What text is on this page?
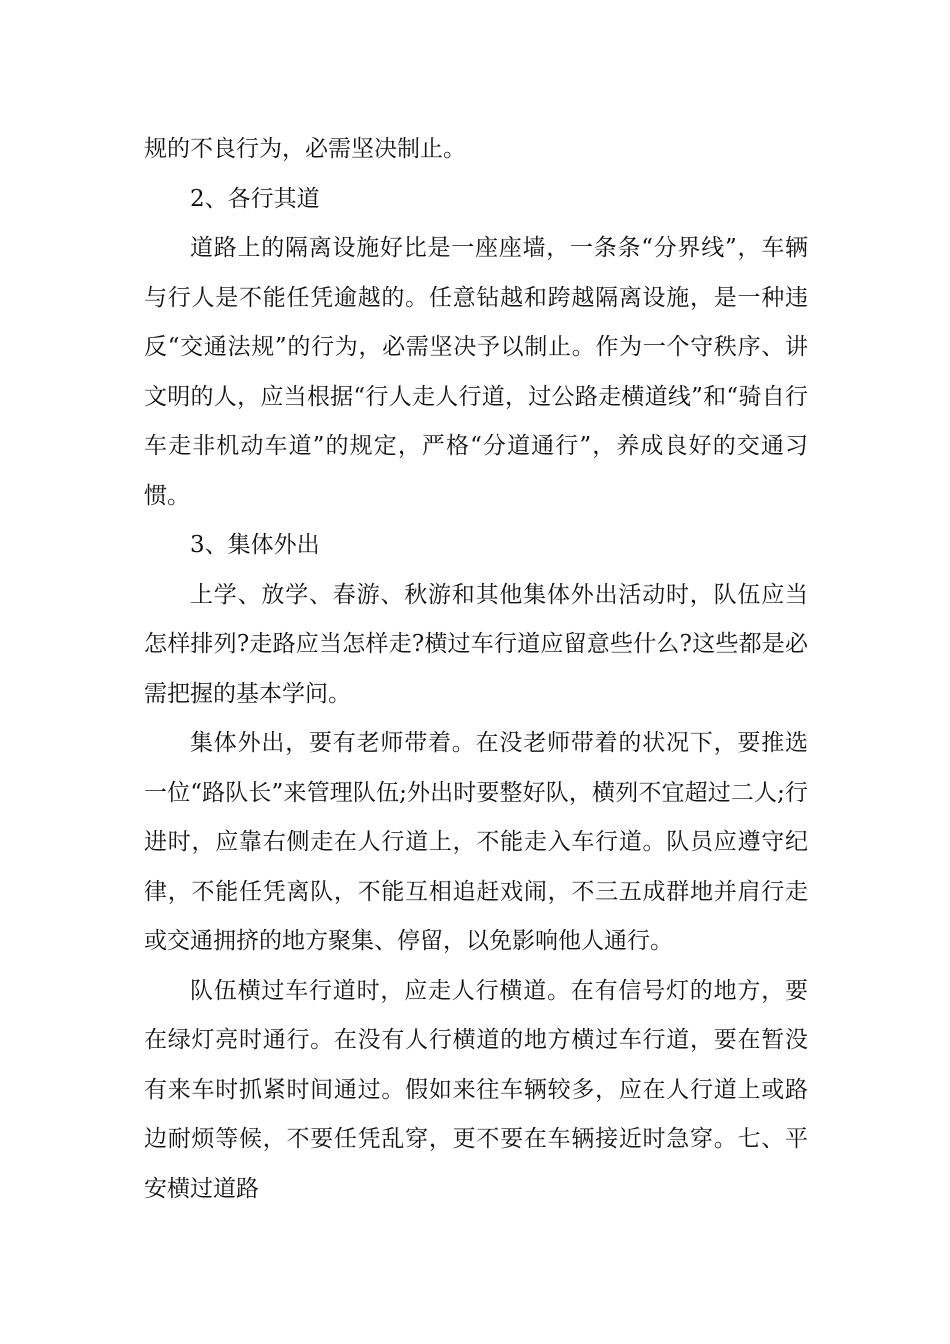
规的不良行为，必需坚决制止。

2、各行其道

道路上的隔离设施好比是一座座墙，一条条“分界线”，车辆与行人是不能任凭逾越的。任意钻越和跨越隔离设施，是一种违反“交通法规”的行为，必需坚决予以制止。作为一个守秩序、讲文明的人，应当根据“行人走人行道，过公路走横道线”和“骑自行车走非机动车道”的规定，严格“分道通行”，养成良好的交通习惯。

3、集体外出

上学、放学、春游、秋游和其他集体外出活动时，队伍应当怎样排列?走路应当怎样走?横过车行道应留意些什么?这些都是必需把握的基本学问。

集体外出，要有老师带着。在没老师带着的状况下，要推选一位“路队长”来管理队伍;外出时要整好队，横列不宜超过二人;行进时，应靠右侧走在人行道上，不能走入车行道。队员应遵守纪律，不能任凭离队，不能互相追赶戏闹，不三五成群地并肩行走或交通拥挤的地方聚集、停留，以免影响他人通行。

队伍横过车行道时，应走人行横道。在有信号灯的地方，要在绿灯亮时通行。在没有人行横道的地方横过车行道，要在暂没有来车时抓紧时间通过。假如来往车辆较多，应在人行道上或路边耐烦等候，不要任凭乱穿，更不要在车辆接近时急穿。七、平安横过道路
